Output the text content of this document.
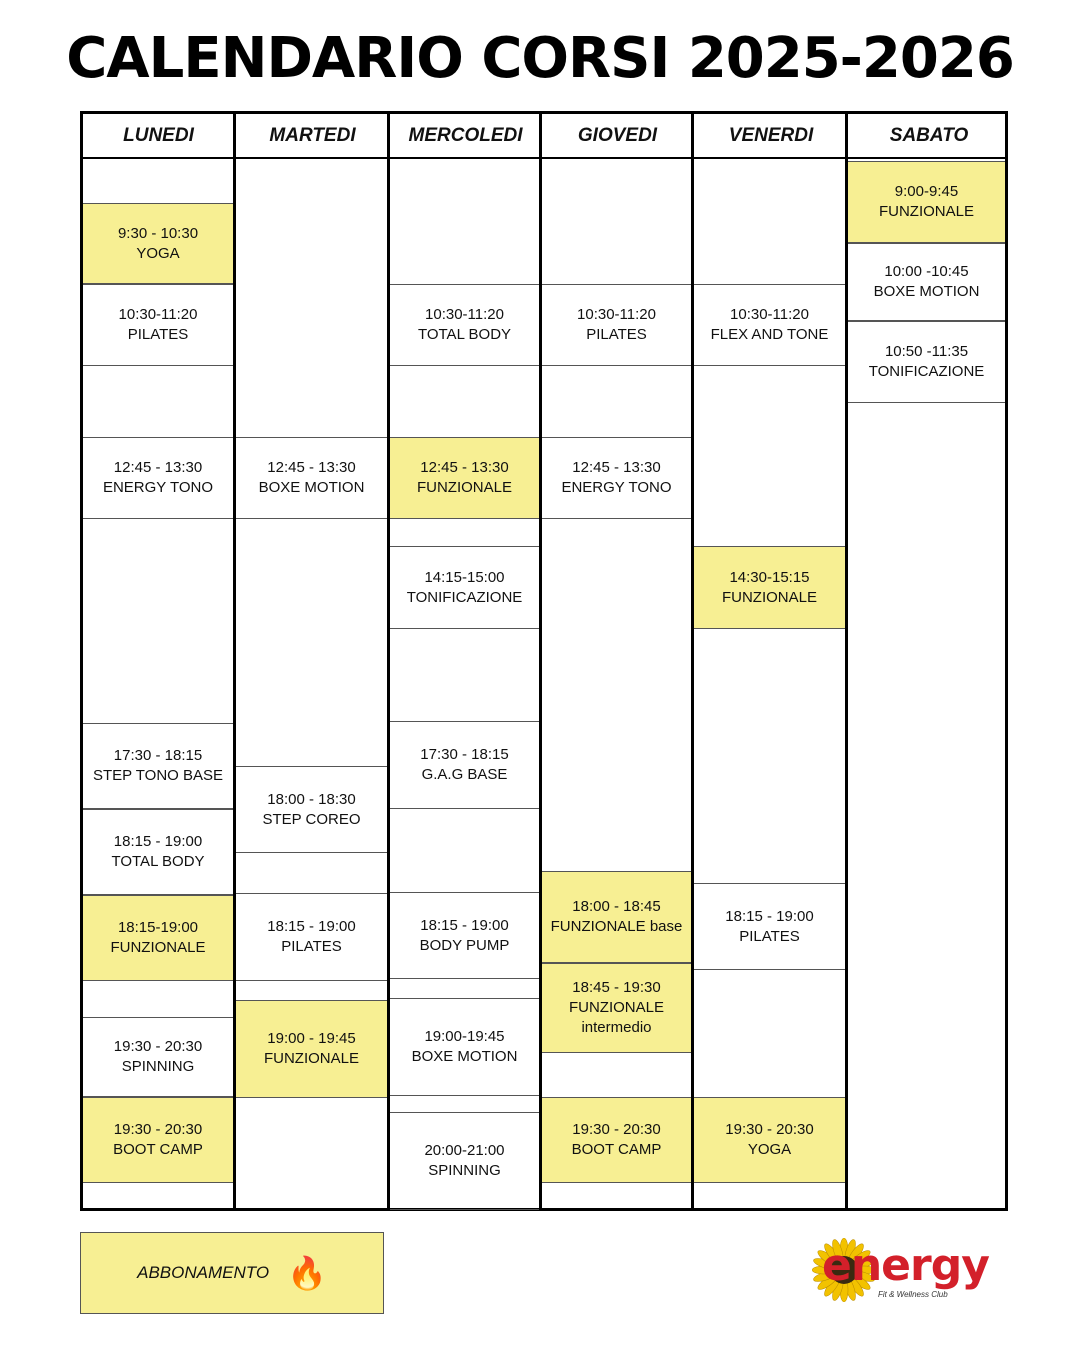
CALENDARIO CORSI 2025-2026
LUNEDI
9:30 - 10:30
YOGA
10:30-11:20
PILATES
12:45 - 13:30
ENERGY TONO
17:30 - 18:15
STEP TONO BASE
18:15 - 19:00
TOTAL BODY
18:15-19:00
FUNZIONALE
19:30 - 20:30
SPINNING
19:30 - 20:30
BOOT CAMP
MARTEDI
12:45 - 13:30
BOXE MOTION
18:00 - 18:30
STEP COREO
18:15 - 19:00
PILATES
19:00 - 19:45
FUNZIONALE
MERCOLEDI
10:30-11:20
TOTAL BODY
12:45 - 13:30
FUNZIONALE
14:15-15:00
TONIFICAZIONE
17:30 - 18:15
G.A.G BASE
18:15 - 19:00
BODY PUMP
19:00-19:45
BOXE MOTION
20:00-21:00
SPINNING
GIOVEDI
10:30-11:20
PILATES
12:45 - 13:30
ENERGY TONO
18:00 - 18:45
FUNZIONALE base
18:45 - 19:30
FUNZIONALE
intermedio
19:30 - 20:30
BOOT CAMP
VENERDI
10:30-11:20
FLEX AND TONE
14:30-15:15
FUNZIONALE
18:15 - 19:00
PILATES
19:30 - 20:30
YOGA
SABATO
9:00-9:45
FUNZIONALE
10:00 -10:45
BOXE MOTION
10:50 -11:35
TONIFICAZIONE
ABBONAMENTO 🔥	energy
Fit & Wellness Club
